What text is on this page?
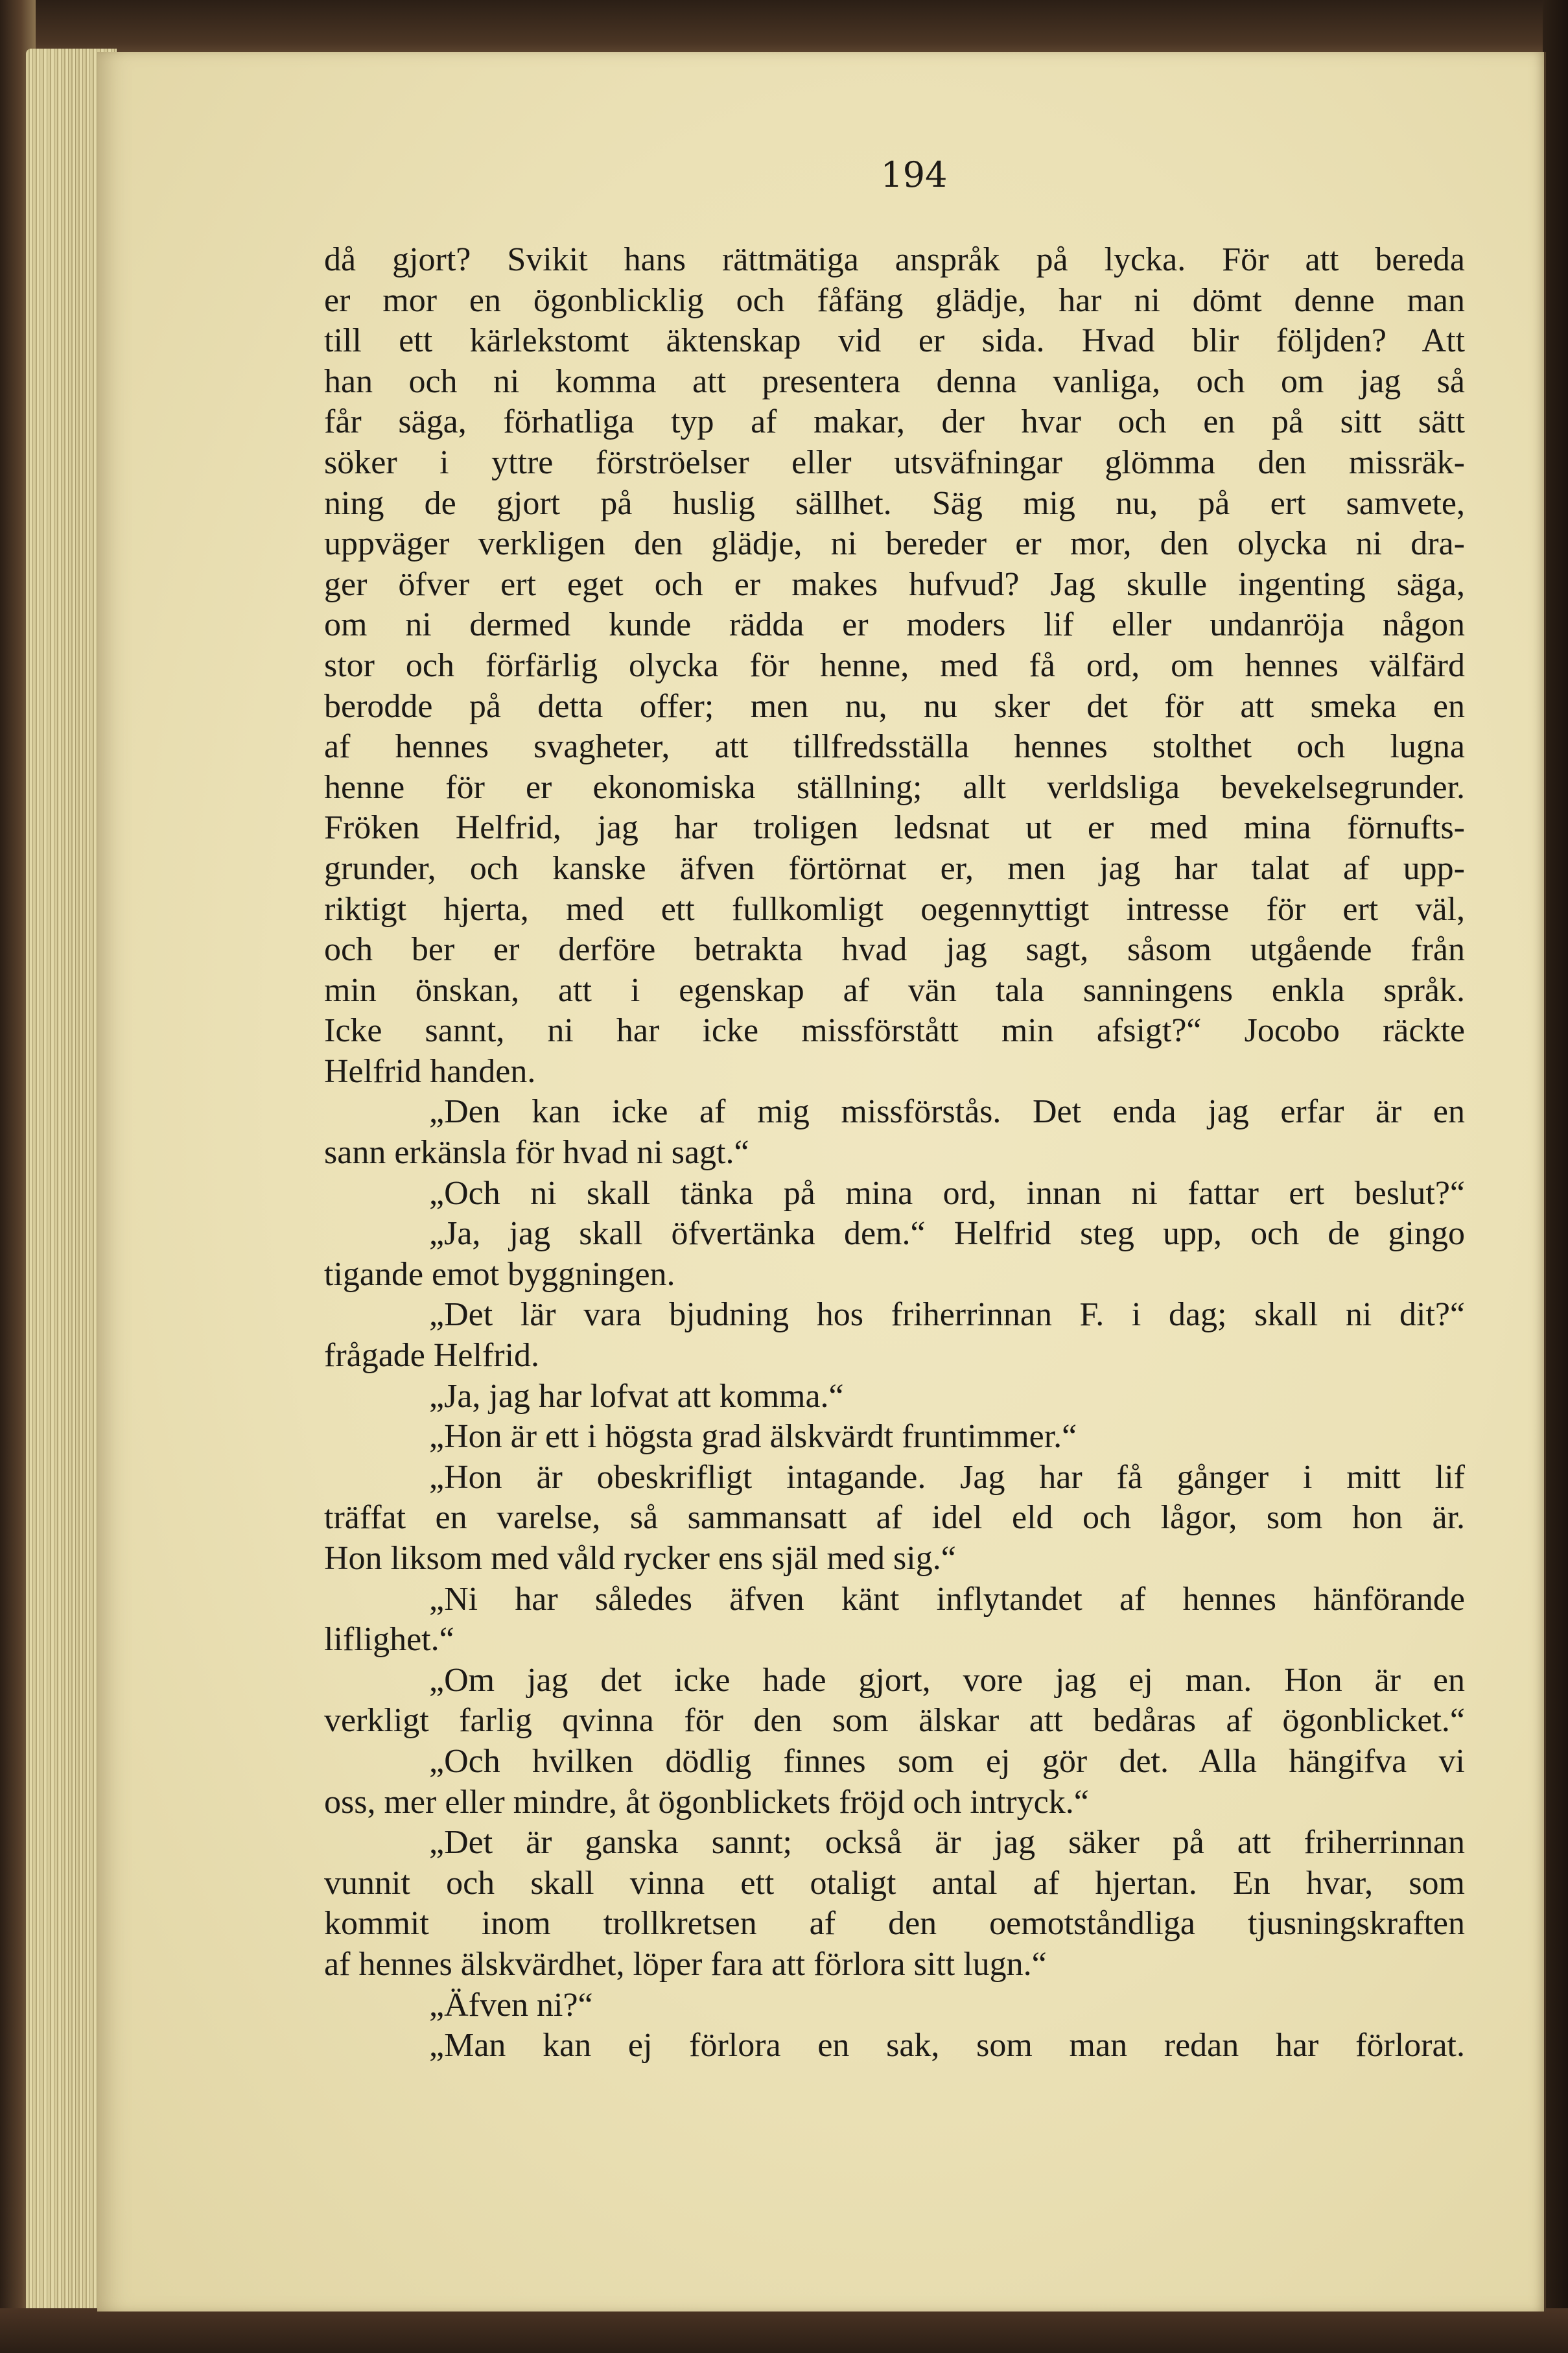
194
då gjort? Svikit hans rättmätiga anspråk på lycka. För att bereda
er mor en ögonblicklig och fåfäng glädje, har ni dömt denne man
till ett kärlekstomt äktenskap vid er sida. Hvad blir följden? Att
han och ni komma att presentera denna vanliga, och om jag så
får säga, förhatliga typ af makar, der hvar och en på sitt sätt
söker i yttre förströelser eller utsväfningar glömma den missräk-
ning de gjort på huslig sällhet. Säg mig nu, på ert samvete,
uppväger verkligen den glädje, ni bereder er mor, den olycka ni dra-
ger öfver ert eget och er makes hufvud? Jag skulle ingenting säga,
om ni dermed kunde rädda er moders lif eller undanröja någon
stor och förfärlig olycka för henne, med få ord, om hennes välfärd
berodde på detta offer; men nu, nu sker det för att smeka en
af hennes svagheter, att tillfredsställa hennes stolthet och lugna
henne för er ekonomiska ställning; allt verldsliga bevekelsegrunder.
Fröken Helfrid, jag har troligen ledsnat ut er med mina förnufts-
grunder, och kanske äfven förtörnat er, men jag har talat af upp-
riktigt hjerta, med ett fullkomligt oegennyttigt intresse för ert väl,
och ber er derföre betrakta hvad jag sagt, såsom utgående från
min önskan, att i egenskap af vän tala sanningens enkla språk.
Icke sannt, ni har icke missförstått min afsigt?“ Jocobo räckte
Helfrid handen.
„Den kan icke af mig missförstås. Det enda jag erfar är en
sann erkänsla för hvad ni sagt.“
„Och ni skall tänka på mina ord, innan ni fattar ert beslut?“
„Ja, jag skall öfvertänka dem.“ Helfrid steg upp, och de gingo
tigande emot byggningen.
„Det lär vara bjudning hos friherrinnan F. i dag; skall ni dit?“
frågade Helfrid.
„Ja, jag har lofvat att komma.“
„Hon är ett i högsta grad älskvärdt fruntimmer.“
„Hon är obeskrifligt intagande. Jag har få gånger i mitt lif
träffat en varelse, så sammansatt af idel eld och lågor, som hon är.
Hon liksom med våld rycker ens själ med sig.“
„Ni har således äfven känt inflytandet af hennes hänförande
liflighet.“
„Om jag det icke hade gjort, vore jag ej man. Hon är en
verkligt farlig qvinna för den som älskar att bedåras af ögonblicket.“
„Och hvilken dödlig finnes som ej gör det. Alla hängifva vi
oss, mer eller mindre, åt ögonblickets fröjd och intryck.“
„Det är ganska sannt; också är jag säker på att friherrinnan
vunnit och skall vinna ett otaligt antal af hjertan. En hvar, som
kommit inom trollkretsen af den oemotståndliga tjusningskraften
af hennes älskvärdhet, löper fara att förlora sitt lugn.“
„Äfven ni?“
„Man kan ej förlora en sak, som man redan har förlorat.
